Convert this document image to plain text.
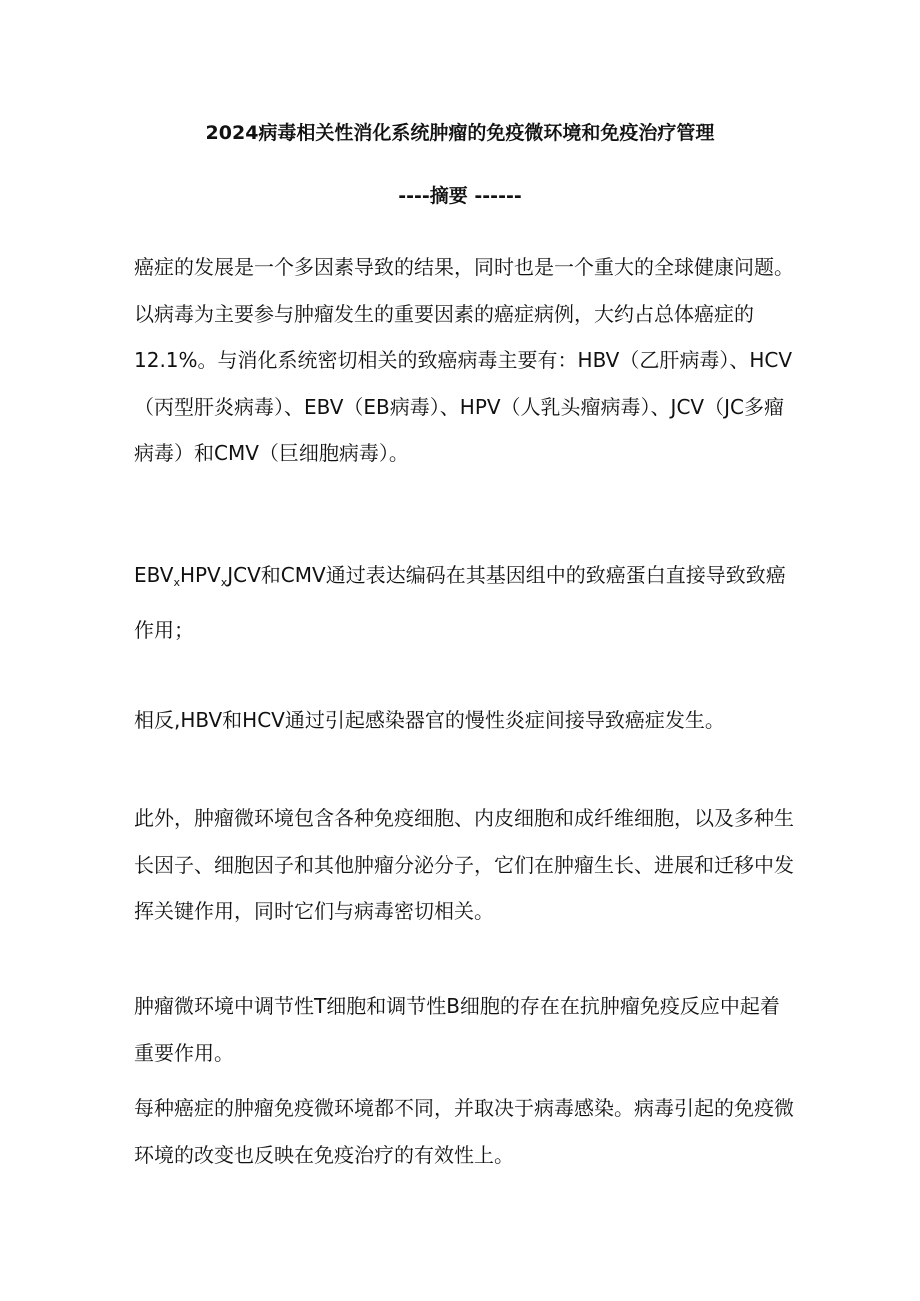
2024病毒相关性消化系统肿瘤的免疫微环境和免疫治疗管理
----摘要 ------

癌症的发展是一个多因素导致的结果，同时也是一个重大的全球健康问题。以病毒为主要参与肿瘤发生的重要因素的癌症病例，大约占总体癌症的12.1%。与消化系统密切相关的致癌病毒主要有：HBV（乙肝病毒）、HCV（丙型肝炎病毒）、EBV（EB病毒）、HPV（人乳头瘤病毒）、JCV（JC多瘤病毒）和CMV（巨细胞病毒）。

$EBV_xHPV_xJCV$和CMV通过表达编码在其基因组中的致癌蛋白直接导致致癌作用；

相反,HBV和HCV通过引起感染器官的慢性炎症间接导致癌症发生。

此外，肿瘤微环境包含各种免疫细胞、内皮细胞和成纤维细胞，以及多种生长因子、细胞因子和其他肿瘤分泌分子，它们在肿瘤生长、进展和迁移中发挥关键作用，同时它们与病毒密切相关。

肿瘤微环境中调节性T细胞和调节性B细胞的存在在抗肿瘤免疫反应中起着重要作用。

每种癌症的肿瘤免疫微环境都不同，并取决于病毒感染。病毒引起的免疫微环境的改变也反映在免疫治疗的有效性上。
